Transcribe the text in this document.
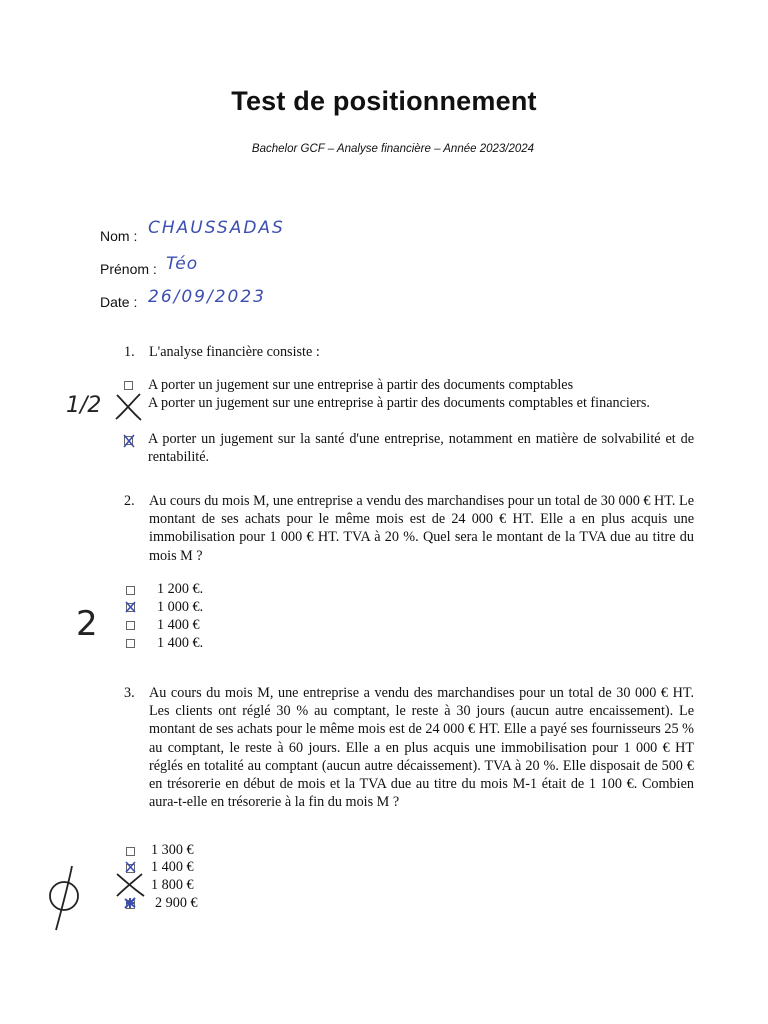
Test de positionnement
Bachelor GCF – Analyse financière – Année 2023/2024
Nom : CHAUSSADAS
Prénom : Téo
Date : 26/09/2023
1. L'analyse financière consiste :
A porter un jugement sur une entreprise à partir des documents comptables
A porter un jugement sur une entreprise à partir des documents comptables et financiers.
A porter un jugement sur la santé d'une entreprise, notamment en matière de solvabilité et de rentabilité.
1/2
2. Au cours du mois M, une entreprise a vendu des marchandises pour un total de 30 000 € HT. Le montant de ses achats pour le même mois est de 24 000 € HT. Elle a en plus acquis une immobilisation pour 1 000 € HT. TVA à 20 %. Quel sera le montant de la TVA due au titre du mois M ?
1 200 €.
1 000 €.
1 400 €
1 400 €.
2
3. Au cours du mois M, une entreprise a vendu des marchandises pour un total de 30 000 € HT. Les clients ont réglé 30 % au comptant, le reste à 30 jours (aucun autre encaissement). Le montant de ses achats pour le même mois est de 24 000 € HT. Elle a payé ses fournisseurs 25 % au comptant, le reste à 60 jours. Elle a en plus acquis une immobilisation pour 1 000 € HT réglés en totalité au comptant (aucun autre décaissement). TVA à 20 %. Elle disposait de 500 € en trésorerie en début de mois et la TVA due au titre du mois M-1 était de 1 100 €. Combien aura-t-elle en trésorerie à la fin du mois M ?
1 300 €
1 400 €
1 800 €
2 900 €
